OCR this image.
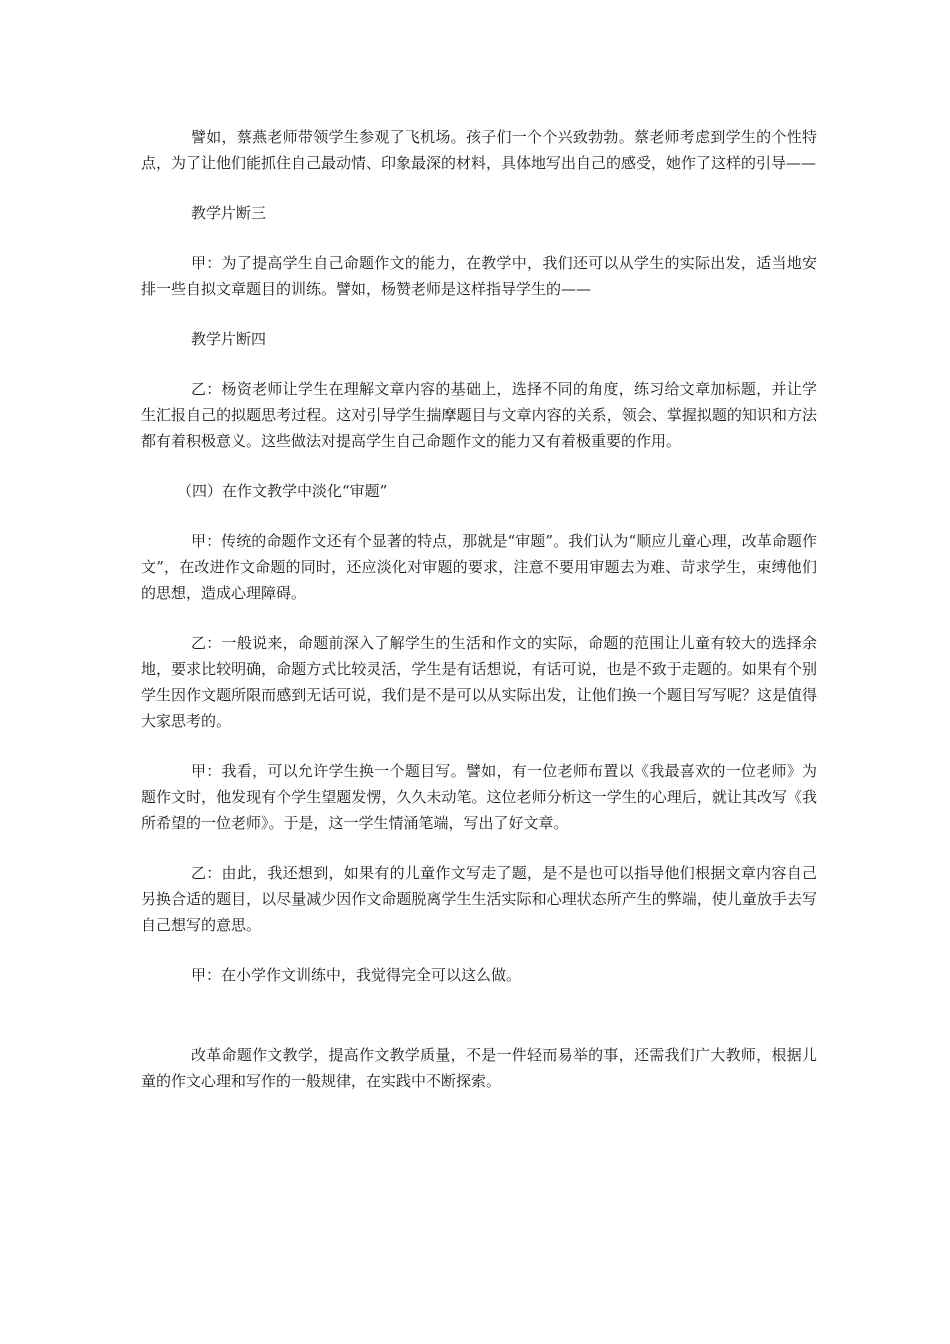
譬如，蔡燕老师带领学生参观了飞机场。孩子们一个个兴致勃勃。蔡老师考虑到学生的个性特点，为了让他们能抓住自己最动情、印象最深的材料，具体地写出自己的感受，她作了这样的引导——

教学片断三

甲：为了提高学生自己命题作文的能力，在教学中，我们还可以从学生的实际出发，适当地安排一些自拟文章题目的训练。譬如，杨赞老师是这样指导学生的——

教学片断四

乙：杨资老师让学生在理解文章内容的基础上，选择不同的角度，练习给文章加标题，并让学生汇报自己的拟题思考过程。这对引导学生揣摩题目与文章内容的关系，领会、掌握拟题的知识和方法都有着积极意义。这些做法对提高学生自己命题作文的能力又有着极重要的作用。

（四）在作文教学中淡化“审题”

甲：传统的命题作文还有个显著的特点，那就是“审题”。我们认为“顺应儿童心理，改革命题作文”，在改进作文命题的同时，还应淡化对审题的要求，注意不要用审题去为难、苛求学生，束缚他们的思想，造成心理障碍。

乙：一般说来，命题前深入了解学生的生活和作文的实际，命题的范围让儿童有较大的选择余地，要求比较明确，命题方式比较灵活，学生是有话想说，有话可说，也是不致于走题的。如果有个别学生因作文题所限而感到无话可说，我们是不是可以从实际出发，让他们换一个题目写写呢？这是值得大家思考的。

甲：我看，可以允许学生换一个题目写。譬如，有一位老师布置以《我最喜欢的一位老师》为题作文时，他发现有个学生望题发愣，久久未动笔。这位老师分析这一学生的心理后，就让其改写《我所希望的一位老师》。于是，这一学生情涌笔端，写出了好文章。

乙：由此，我还想到，如果有的儿童作文写走了题，是不是也可以指导他们根据文章内容自己另换合适的题目，以尽量减少因作文命题脱离学生生活实际和心理状态所产生的弊端，使儿童放手去写自己想写的意思。

甲：在小学作文训练中，我觉得完全可以这么做。

改革命题作文教学，提高作文教学质量，不是一件轻而易举的事，还需我们广大教师，根据儿童的作文心理和写作的一般规律，在实践中不断探索。
